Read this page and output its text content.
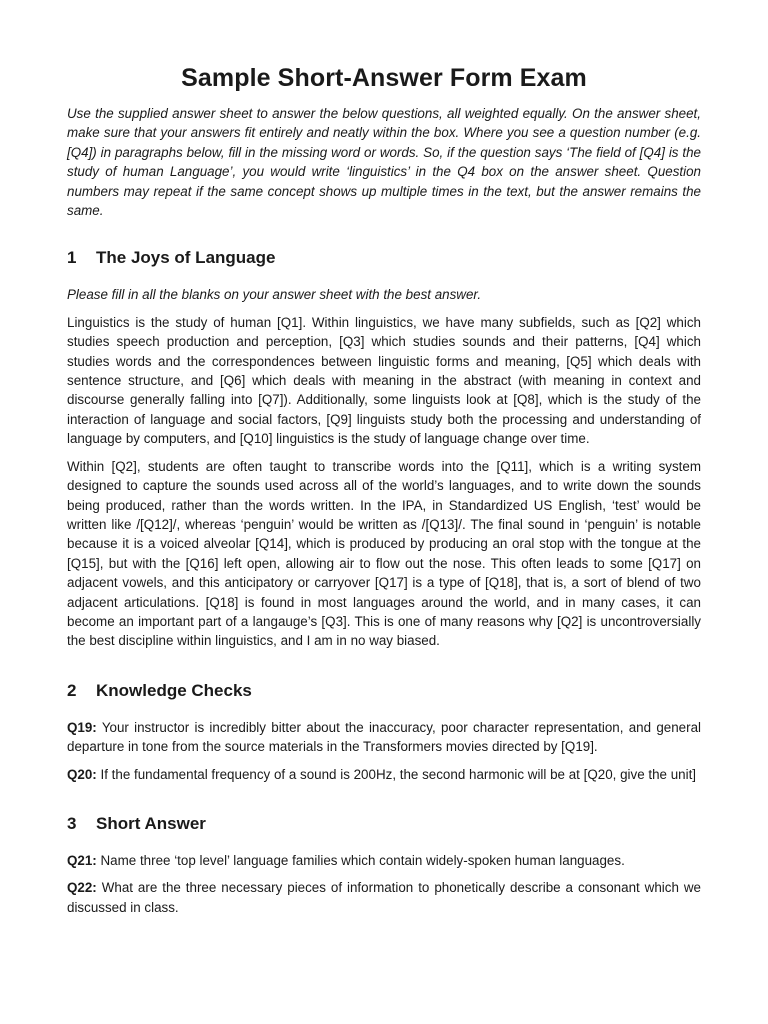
Sample Short-Answer Form Exam

Use the supplied answer sheet to answer the below questions, all weighted equally. On the answer sheet, make sure that your answers fit entirely and neatly within the box. Where you see a question number (e.g. [Q4]) in paragraphs below, fill in the missing word or words. So, if the question says ‘The field of [Q4] is the study of human Language’, you would write ‘linguistics’ in the Q4 box on the answer sheet. Question numbers may repeat if the same concept shows up multiple times in the text, but the answer remains the same.

1	The Joys of Language

Please fill in all the blanks on your answer sheet with the best answer.

Linguistics is the study of human [Q1]. Within linguistics, we have many subfields, such as [Q2] which studies speech production and perception, [Q3] which studies sounds and their patterns, [Q4] which studies words and the correspondences between linguistic forms and meaning, [Q5] which deals with sentence structure, and [Q6] which deals with meaning in the abstract (with meaning in context and discourse generally falling into [Q7]). Additionally, some linguists look at [Q8], which is the study of the interaction of language and social factors, [Q9] linguists study both the processing and understanding of language by computers, and [Q10] linguistics is the study of language change over time.

Within [Q2], students are often taught to transcribe words into the [Q11], which is a writing system designed to capture the sounds used across all of the world’s languages, and to write down the sounds being produced, rather than the words written. In the IPA, in Standardized US English, ‘test’ would be written like /[Q12]/, whereas ‘penguin’ would be written as /[Q13]/. The final sound in ‘penguin’ is notable because it is a voiced alveolar [Q14], which is produced by producing an oral stop with the tongue at the [Q15], but with the [Q16] left open, allowing air to flow out the nose. This often leads to some [Q17] on adjacent vowels, and this anticipatory or carryover [Q17] is a type of [Q18], that is, a sort of blend of two adjacent articulations. [Q18] is found in most languages around the world, and in many cases, it can become an important part of a langauge’s [Q3]. This is one of many reasons why [Q2] is uncontroversially the best discipline within linguistics, and I am in no way biased.

2	Knowledge Checks

Q19: Your instructor is incredibly bitter about the inaccuracy, poor character representation, and general departure in tone from the source materials in the Transformers movies directed by [Q19].

Q20: If the fundamental frequency of a sound is 200Hz, the second harmonic will be at [Q20, give the unit]

3	Short Answer

Q21: Name three ‘top level’ language families which contain widely-spoken human languages.

Q22: What are the three necessary pieces of information to phonetically describe a consonant which we discussed in class.
